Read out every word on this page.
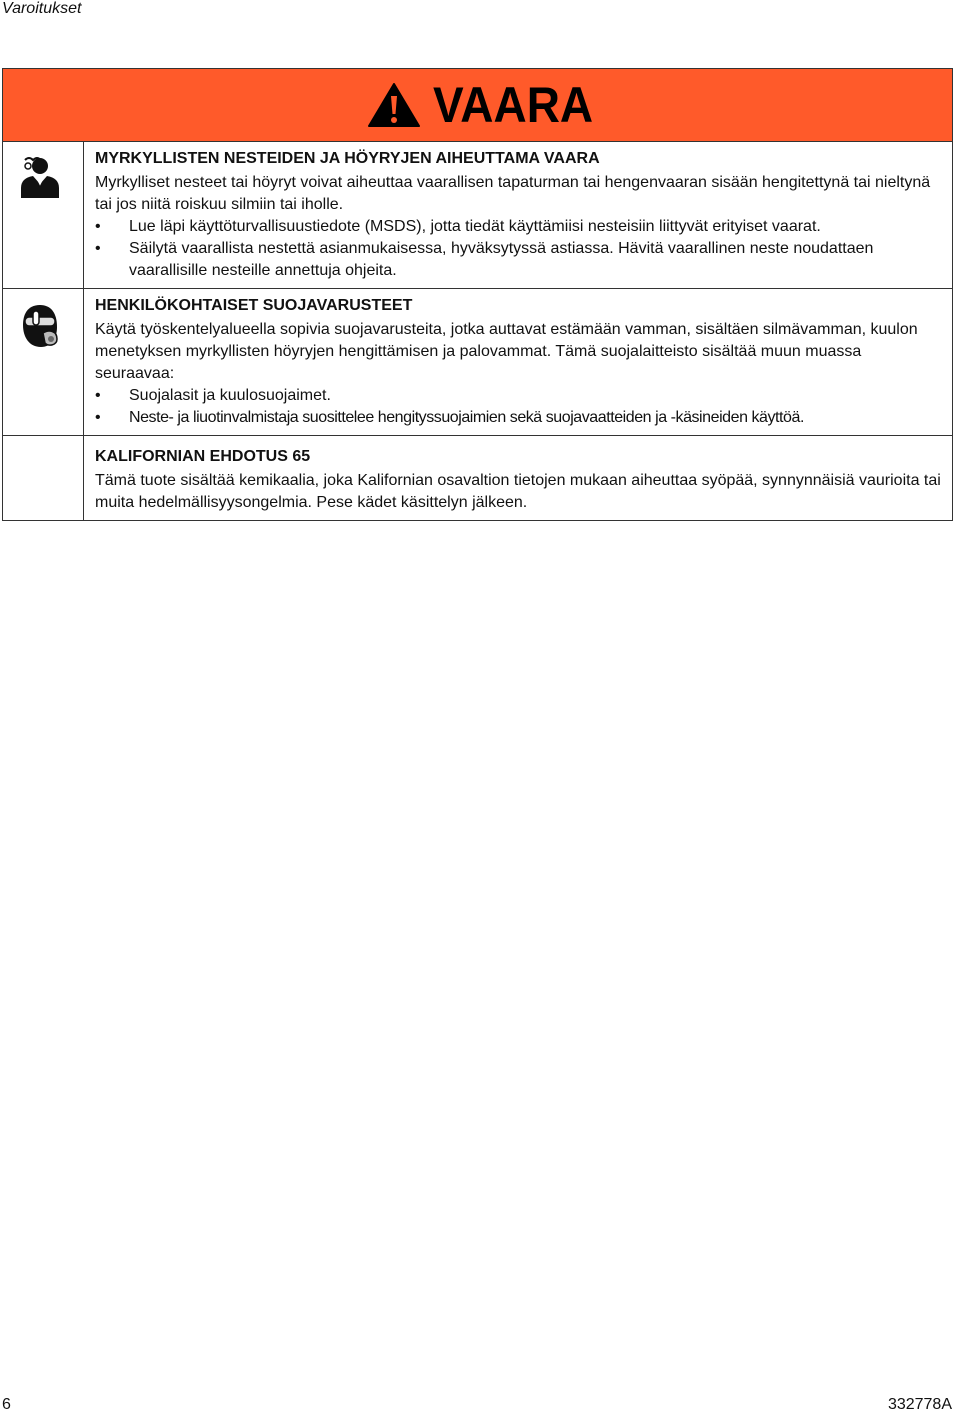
Varoitukset
VAARA

MYRKYLLISTEN NESTEIDEN JA HÖYRYJEN AIHEUTTAMA VAARA

Myrkylliset nesteet tai höyryt voivat aiheuttaa vaarallisen tapaturman tai hengenvaaran sisään hengitettynä tai nieltynä tai jos niitä roiskuu silmiin tai iholle.

• Lue läpi käyttöturvallisuustiedote (MSDS), jotta tiedät käyttämiisi nesteisiin liittyvät erityiset vaarat.
• Säilytä vaarallista nestettä asianmukaisessa, hyväksytyssä astiassa. Hävitä vaarallinen neste noudattaen vaarallisille nesteille annettuja ohjeita.

HENKILÖKOHTAISET SUOJAVARUSTEET

Käytä työskentelyalueella sopivia suojavarusteita, jotka auttavat estämään vamman, sisältäen silmävamman, kuulon menetyksen myrkyllisten höyryjen hengittämisen ja palovammat. Tämä suojalaitteisto sisältää muun muassa seuraavaa:

• Suojalasit ja kuulosuojaimet.
• Neste- ja liuotinvalmistaja suosittelee hengityssuojaimien sekä suojavaatteiden ja -käsineiden käyttöä.

KALIFORNIAN EHDOTUS 65

Tämä tuote sisältää kemikaalia, joka Kalifornian osavaltion tietojen mukaan aiheuttaa syöpää, synnynnäisiä vaurioita tai muita hedelmällisyysongelmia. Pese kädet käsittelyn jälkeen.

6	332778A
